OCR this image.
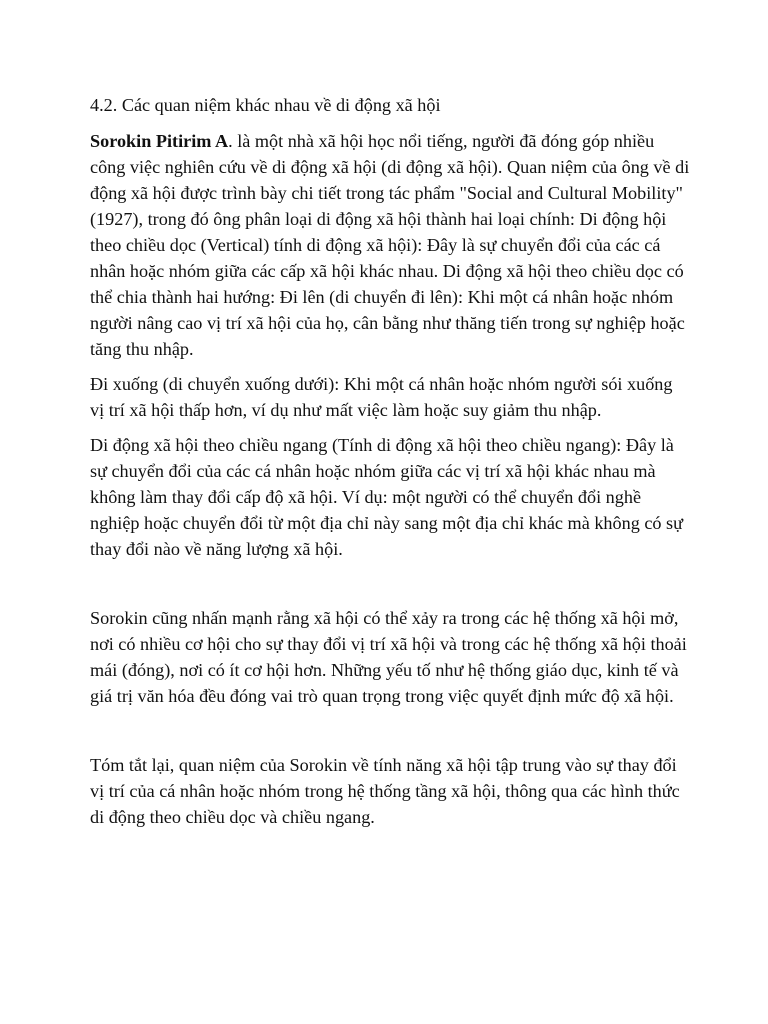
4.2. Các quan niệm khác nhau về di động xã hội

Sorokin Pitirim A. là một nhà xã hội học nổi tiếng, người đã đóng góp nhiều công việc nghiên cứu về di động xã hội (di động xã hội). Quan niệm của ông về di động xã hội được trình bày chi tiết trong tác phẩm "Social and Cultural Mobility" (1927), trong đó ông phân loại di động xã hội thành hai loại chính: Di động hội theo chiều dọc (Vertical) tính di động xã hội): Đây là sự chuyển đổi của các cá nhân hoặc nhóm giữa các cấp xã hội khác nhau. Di động xã hội theo chiều dọc có thể chia thành hai hướng: Đi lên (di chuyển đi lên): Khi một cá nhân hoặc nhóm người nâng cao vị trí xã hội của họ, cân bằng như thăng tiến trong sự nghiệp hoặc tăng thu nhập.

Đi xuống (di chuyển xuống dưới): Khi một cá nhân hoặc nhóm người sói xuống vị trí xã hội thấp hơn, ví dụ như mất việc làm hoặc suy giảm thu nhập.

Di động xã hội theo chiều ngang (Tính di động xã hội theo chiều ngang): Đây là sự chuyển đổi của các cá nhân hoặc nhóm giữa các vị trí xã hội khác nhau mà không làm thay đổi cấp độ xã hội. Ví dụ: một người có thể chuyển đổi nghề nghiệp hoặc chuyển đổi từ một địa chỉ này sang một địa chỉ khác mà không có sự thay đổi nào về năng lượng xã hội.

Sorokin cũng nhấn mạnh rằng xã hội có thể xảy ra trong các hệ thống xã hội mở, nơi có nhiều cơ hội cho sự thay đổi vị trí xã hội và trong các hệ thống xã hội thoải mái (đóng), nơi có ít cơ hội hơn. Những yếu tố như hệ thống giáo dục, kinh tế và giá trị văn hóa đều đóng vai trò quan trọng trong việc quyết định mức độ xã hội.

Tóm tắt lại, quan niệm của Sorokin về tính năng xã hội tập trung vào sự thay đổi vị trí của cá nhân hoặc nhóm trong hệ thống tầng xã hội, thông qua các hình thức di động theo chiều dọc và chiều ngang.
